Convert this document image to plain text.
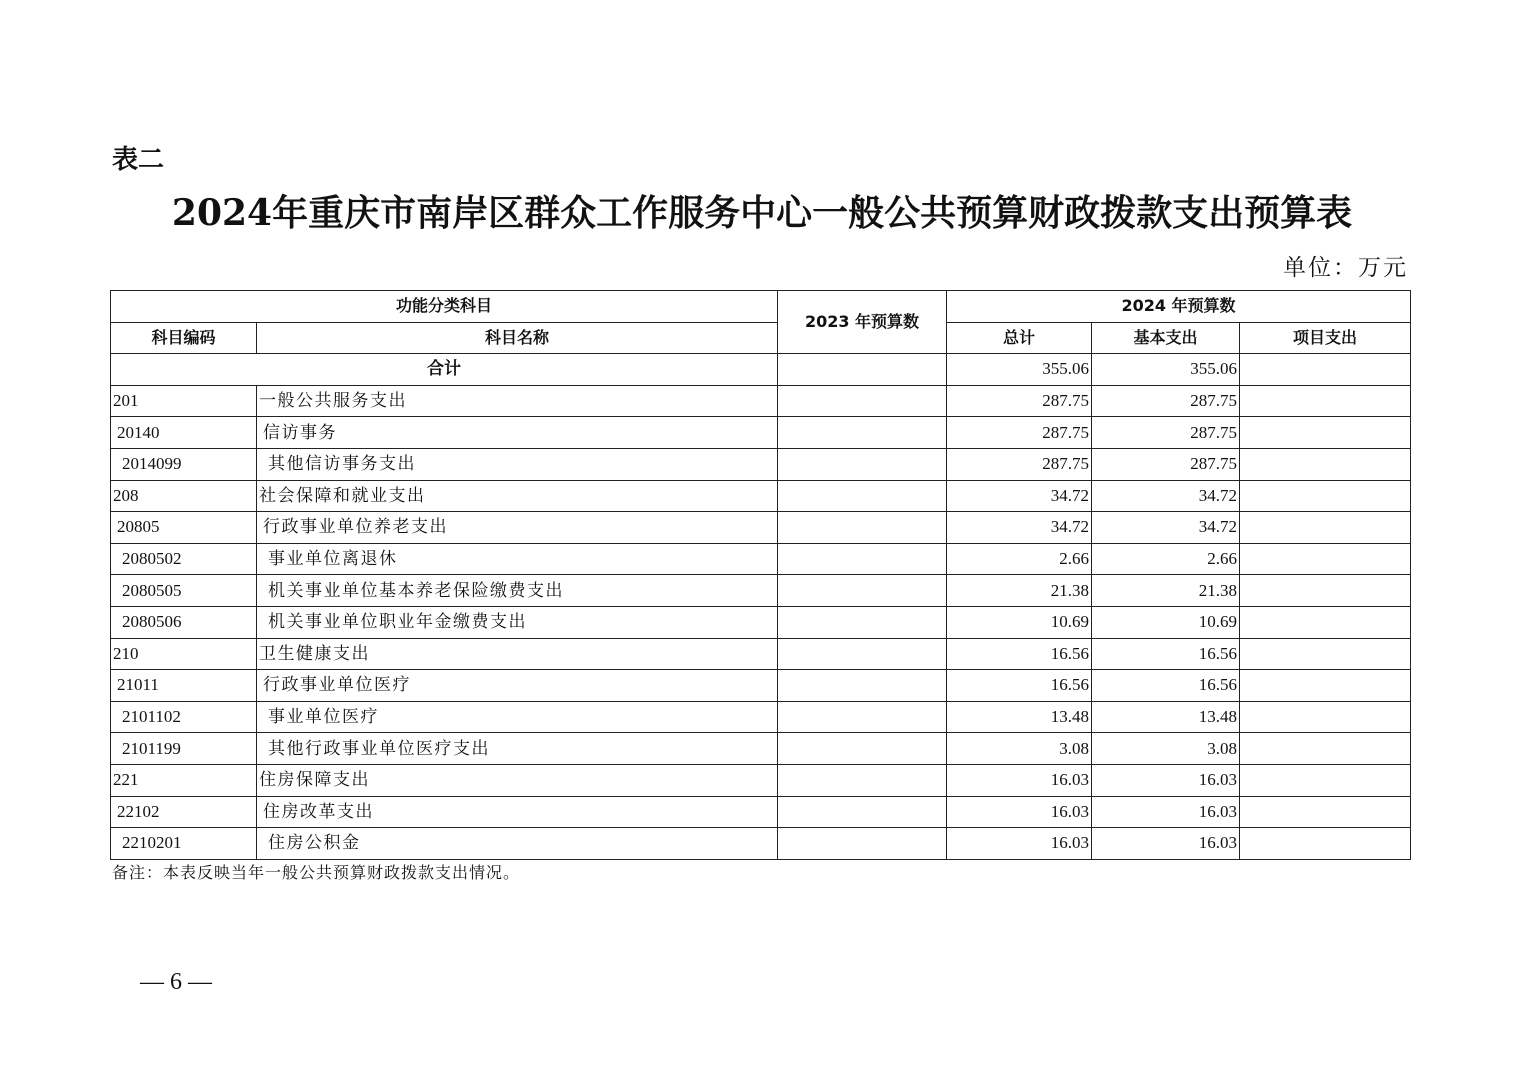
表二
2024年重庆市南岸区群众工作服务中心一般公共预算财政拨款支出预算表
单位：万元
功能分类科目		2023 年预算数	2024 年预算数		
科目编码	科目名称		总计	基本支出	项目支出
合计			355.06	355.06	
201	一般公共服务支出		287.75	287.75	
20140	信访事务		287.75	287.75	
2014099	其他信访事务支出		287.75	287.75	
208	社会保障和就业支出		34.72	34.72	
20805	行政事业单位养老支出		34.72	34.72	
2080502	事业单位离退休		2.66	2.66	
2080505	机关事业单位基本养老保险缴费支出		21.38	21.38	
2080506	机关事业单位职业年金缴费支出		10.69	10.69	
210	卫生健康支出		16.56	16.56	
21011	行政事业单位医疗		16.56	16.56	
2101102	事业单位医疗		13.48	13.48	
2101199	其他行政事业单位医疗支出		3.08	3.08	
221	住房保障支出		16.03	16.03	
22102	住房改革支出		16.03	16.03	
2210201	住房公积金		16.03	16.03	
备注：本表反映当年一般公共预算财政拨款支出情况。
— 6 —
